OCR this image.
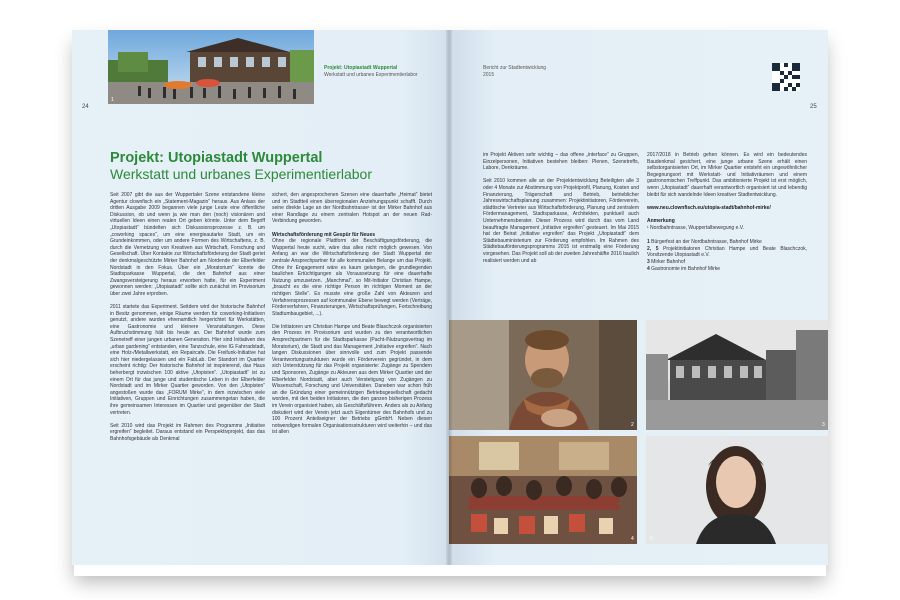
1
Projekt: Utopiastadt Wuppertal
Werkstatt und urbanes Experimentierlabor
24
Projekt: Utopiastadt Wuppertal
Werkstatt und urbanes Experimentierlabor

Seit 2007 gibt die aus der Wuppertaler Szene entstandene kleine Agentur clownfisch ein „Statement-Magazin“ heraus. Aus Anlass der dritten Ausgabe 2009 begannen viele junge Leute eine öffentliche Diskussion, ob und wenn ja wie man den (noch) visionären und virtuellen Ideen einen realen Ort geben könnte. Unter dem Begriff „Utopiastadt“ bündelten sich Diskussionsprozesse z. B. um „coworking spaces“, um eine energieautarke Stadt, um ein Grundeinkommen, oder um andere Formen des Wirtschaftens, z. B. durch die Vernetzung von Kreativen aus Wirtschaft, Forschung und Gesellschaft. Über Kontakte zur Wirtschaftsförderung der Stadt geriet der denkmalgeschützte Mirker Bahnhof am Nordende der Elberfelder Nordstadt in den Fokus. Über ein „Moratorium“ konnte die Stadtsparkasse Wuppertal, die den Bahnhof aus einer Zwangsversteigerung heraus erworben hatte, für ein Experiment gewonnen werden: „Utopiastadt“ sollte sich zunächst im Provisorium über zwei Jahre erproben.

2011 startete das Experiment. Seitdem wird der historische Bahnhof in Besitz genommen, einige Räume werden für coworking-Initiativen genutzt, andere wurden ehrenamtlich hergerichtet für Werkstätten, eine Gastronomie und kleinere Veranstaltungen. Diese Aufbruchstimmung hält bis heute an. Der Bahnhof wurde zum Szenetreff einer jungen urbanen Generation. Hier sind Initiativen des „urban gardening“ entstanden, eine Tanzschule, eine IG Fahrradstadt, eine Holz-/Metallwerkstatt, ein Repaircafe. Die Freifunk-Initiative hat sich hier niedergelassen und ein FabLab. Der Standort im Quartier erscheint richtig: Der historische Bahnhof ist inspirierend, das Haus beherbergt inzwischen 100 aktive „Utopisten“. „Utopiastadt“ ist zu einem Ort für das junge und studentische Leben in der Elberfelder Nordstadt und im Mirker Quartier geworden. Von den „Utopisten“ angestoßen wurde das „FORUM Mirke“, in dem inzwischen viele Initiativen, Gruppen und Einrichtungen zusammengetan haben, die ihre gemeinsamen Interessen im Quartier und gegenüber der Stadt vertreten.

Seit 2010 wird das Projekt im Rahmen des Programms „Initiative ergreifen“ begleitet. Daraus entstand ein Perspektivprojekt, das das Bahnhofsgebäude als Denkmal

sichert, den angesprochenen Szenen eine dauerhafte „Heimat“ bietet und im Stadtteil einen überregionalen Anziehungspunkt schafft. Durch seine direkte Lage an der Nordbahntrasse¹ ist der Mirker Bahnhof aus einer Randlage zu einem zentralen Hotspot an der neuen Rad-Verbindung geworden.

Wirtschaftsförderung mit Gespür für Neues

Ohne die regionale Plattform der Beschäftigungsförderung, die Wuppertal heute sucht, wäre das alles nicht möglich gewesen. Von Anfang an war die Wirtschaftsförderung der Stadt Wuppertal der zentrale Ansprechpartner für alle kommunalen Belange um das Projekt. Ohne ihr Engagement wäre es kaum gelungen, die grundlegenden baulichen Ertüchtigungen als Voraussetzung für eine dauerhafte Nutzung umzusetzen. „Manchmal“, so Mit-Initiator Christian Hampe, „braucht es die eine richtige Person im richtigen Moment an der richtigen Stelle“. Es musste eine große Zahl von Akteuren und Verfahrensprozessen auf kommunaler Ebene bewegt werden (Verträge, Förderverfahren, Finanzierungen, Wirtschaftsprüfungen, Fortschreibung Stadtumbaugebiet, ...).

Die Initiatoren um Christian Hampe und Beate Blaschczok organisierten den Prozess im Provisorium und wurden zu den verantwortlichen Ansprechpartnern für die Stadtsparkasse (Pacht-/Nutzungsvertrag im Moratorium), die Stadt und das Management „Initiative ergreifen“. Nach langen Diskussionen über sinnvolle und zum Projekt passende Verantwortungsstrukturen wurde ein Förderverein gegründet, in dem sich Unterstützung für das Projekt organisierte: Zugänge zu Spendern und Sponsoren, Zugänge zu Akteuren aus dem Mirker Quartier und der Elberfelder Nordstadt, aber auch Verstetigung von Zugängen zu Wissenschaft, Forschung und Universitäten. Daneben war schon früh an die Gründung einer gemeinnützigen Betriebsgesellschaft gedacht worden, mit den beiden Initiatoren, die den ganzen bisherigen Prozess im Verein organisiert haben, als Geschäftsführern. Anders als zu Anfang diskutiert wird der Verein jetzt auch Eigentümer des Bahnhofs und zu 100 Prozent Anteilseigner der Betriebs gGmbH. Neben diesen notwendigen formalen Organisationsstrukturen wird weiterhin – und das ist allen

Bericht zur Stadtentwicklung
2015
25

im Projekt Aktiven sehr wichtig – das offene „interface“ zu Gruppen, Einzelpersonen, Initiativen bestehen bleiben: Plenen, Szenetreffs, Labore, Denkräume.

Seit 2010 kommen alle an der Projektentwicklung Beteiligten alle 3 oder 4 Monate zur Abstimmung von Projektprofil, Planung, Kosten und Finanzierung, Trägerschaft und Betrieb, betrieblicher Jahreswirtschaftsplanung zusammen: Projektinitiatoren, Förderverein, städtische Vertreter aus Wirtschaftsförderung, Planung und zentralem Fördermanagement, Stadtsparkasse, Architekten, punktuell auch Unternehmensberater. Dieser Prozess wird durch das vom Land beauftragte Management „Initiative ergreifen“ gesteuert. Im Mai 2015 hat der Beirat „Initiative ergreifen“ das Projekt „Utopiastadt“ dem Städtebauministerium zur Förderung empfohlen. Im Rahmen des Städtebauförderungsprogramms 2015 ist erstmalig eine Förderung vorgesehen. Das Projekt soll ab der zweiten Jahreshälfte 2016 baulich realisiert werden und ab

2017/2018 in Betrieb gehen können. Es wird ein bedeutendes Baudenkmal gesichert, eine junge urbane Szene erhält einen selbstorganisierten Ort, im Mirker Quartier entsteht ein ungewöhnlicher Begegnungsort mit Werkstatt- und Initiativräumen und einem gastronomischen Treffpunkt. Das ambitionierte Projekt ist erst möglich, wenn „Utopiastadt“ dauerhaft verantwortlich organisiert ist und lebendig bleibt für sich wandelnde Ideen kreativer Stadtentwicklung.

www.neu.clownfisch.eu/utopia-stadt/bahnhof-mirke/

Anmerkung

¹ Nordbahntrasse, Wuppertalbewegung e.V.

1 Bürgerfest an der Nordbahntrasse, Bahnhof Mirke
2, 5 Projektinitiatoren Christian Hampe und Beate Blaschczok, Vorsitzende Utopiastadt e.V.
3 Mirker Bahnhof
4 Gastronomie im Bahnhof Mirke
2	3
4	5
